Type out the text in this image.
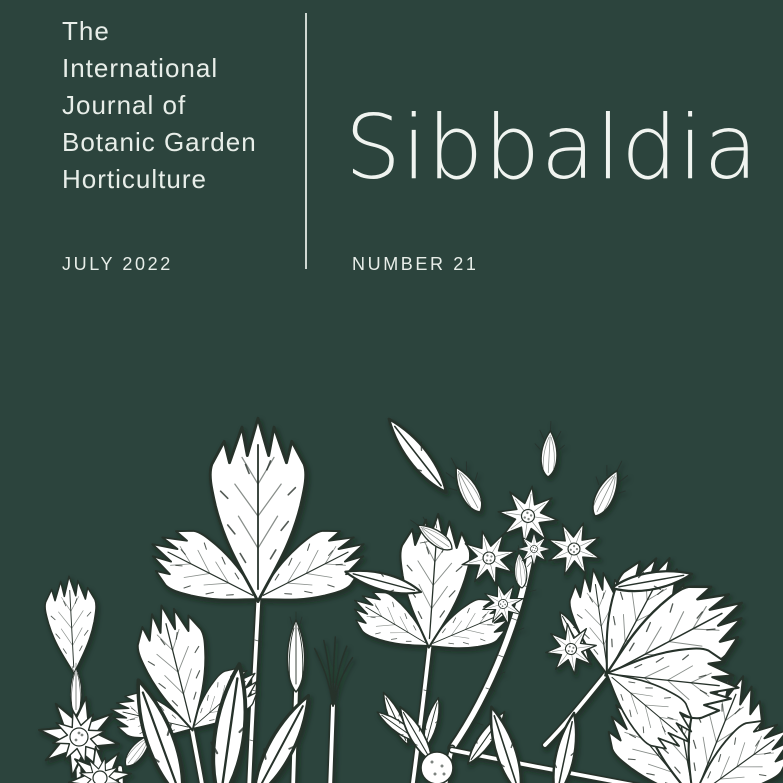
The
International
Journal of
Botanic Garden
Horticulture
JULY 2022
Sibbaldia
NUMBER 21
